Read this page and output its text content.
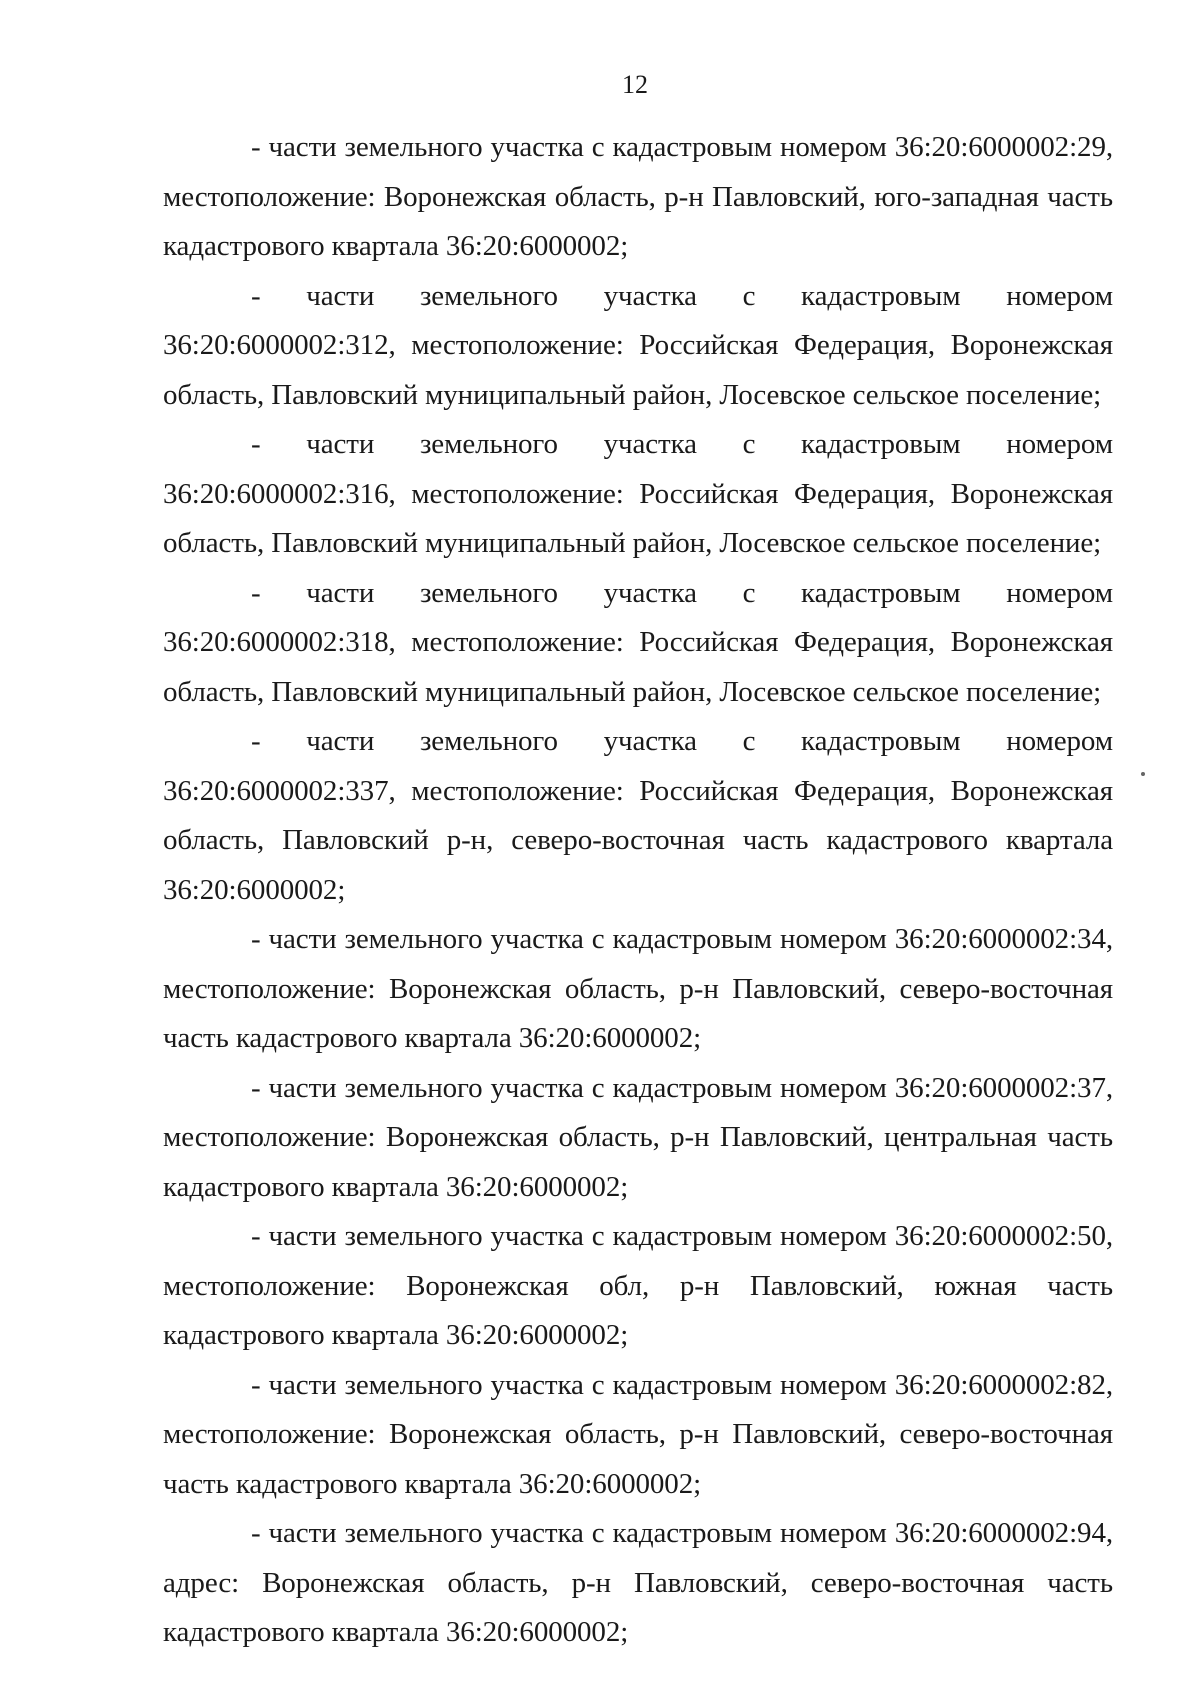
12

- части земельного участка с кадастровым номером 36:20:6000002:29, местоположение: Воронежская область, р-н Павловский, юго-западная часть кадастрового квартала 36:20:6000002;

- части земельного участка с кадастровым номером 36:20:6000002:312, местоположение: Российская Федерация, Воронежская область, Павловский муниципальный район, Лосевское сельское поселение;

- части земельного участка с кадастровым номером 36:20:6000002:316, местоположение: Российская Федерация, Воронежская область, Павловский муниципальный район, Лосевское сельское поселение;

- части земельного участка с кадастровым номером 36:20:6000002:318, местоположение: Российская Федерация, Воронежская область, Павловский муниципальный район, Лосевское сельское поселение;

- части земельного участка с кадастровым номером 36:20:6000002:337, местоположение: Российская Федерация, Воронежская область, Павловский р-н, северо-восточная часть кадастрового квартала 36:20:6000002;

- части земельного участка с кадастровым номером 36:20:6000002:34, местоположение: Воронежская область, р-н Павловский, северо-восточная часть кадастрового квартала 36:20:6000002;

- части земельного участка с кадастровым номером 36:20:6000002:37, местоположение: Воронежская область, р-н Павловский, центральная часть кадастрового квартала 36:20:6000002;

- части земельного участка с кадастровым номером 36:20:6000002:50, местоположение: Воронежская обл, р-н Павловский, южная часть кадастрового квартала 36:20:6000002;

- части земельного участка с кадастровым номером 36:20:6000002:82, местоположение: Воронежская область, р-н Павловский, северо-восточная часть кадастрового квартала 36:20:6000002;

- части земельного участка с кадастровым номером 36:20:6000002:94, адрес: Воронежская область, р-н Павловский, северо-восточная часть кадастрового квартала 36:20:6000002;
